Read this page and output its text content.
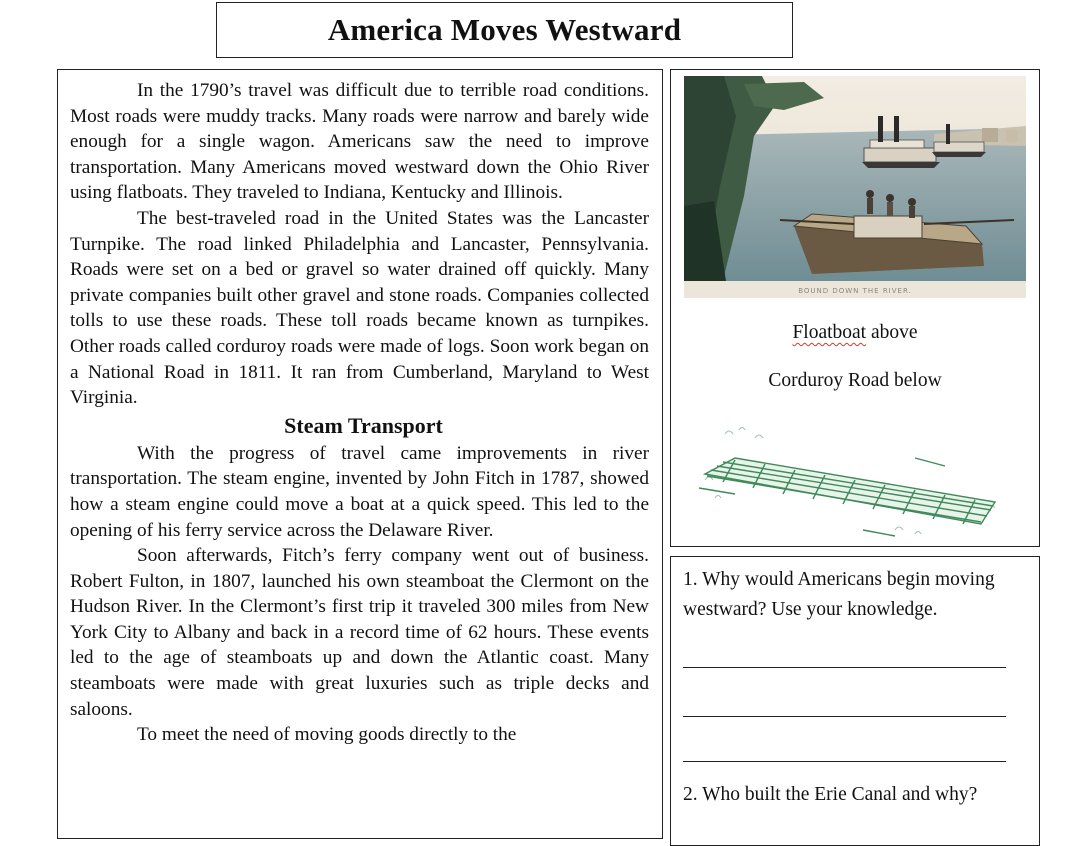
America Moves Westward

In the 1790’s travel was difficult due to terrible road conditions. Most roads were muddy tracks. Many roads were narrow and barely wide enough for a single wagon. Americans saw the need to improve transportation. Many Americans moved westward down the Ohio River using flatboats. They traveled to Indiana, Kentucky and Illinois.

The best-traveled road in the United States was the Lancaster Turnpike. The road linked Philadelphia and Lancaster, Pennsylvania. Roads were set on a bed or gravel so water drained off quickly. Many private companies built other gravel and stone roads. Companies collected tolls to use these roads. These toll roads became known as turnpikes. Other roads called corduroy roads were made of logs. Soon work began on a National Road in 1811. It ran from Cumberland, Maryland to West Virginia.

Steam Transport

With the progress of travel came improvements in river transportation. The steam engine, invented by John Fitch in 1787, showed how a steam engine could move a boat at a quick speed. This led to the opening of his ferry service across the Delaware River.

Soon afterwards, Fitch’s ferry company went out of business. Robert Fulton, in 1807, launched his own steamboat the Clermont on the Hudson River. In the Clermont’s first trip it traveled 300 miles from New York City to Albany and back in a record time of 62 hours. These events led to the age of steamboats up and down the Atlantic coast. Many steamboats were made with great luxuries such as triple decks and saloons.

To meet the need of moving goods directly to the

BOUND DOWN THE RIVER.
Floatboat above
Corduroy Road below

1. Why would Americans begin moving westward? Use your knowledge.

2. Who built the Erie Canal and why?
